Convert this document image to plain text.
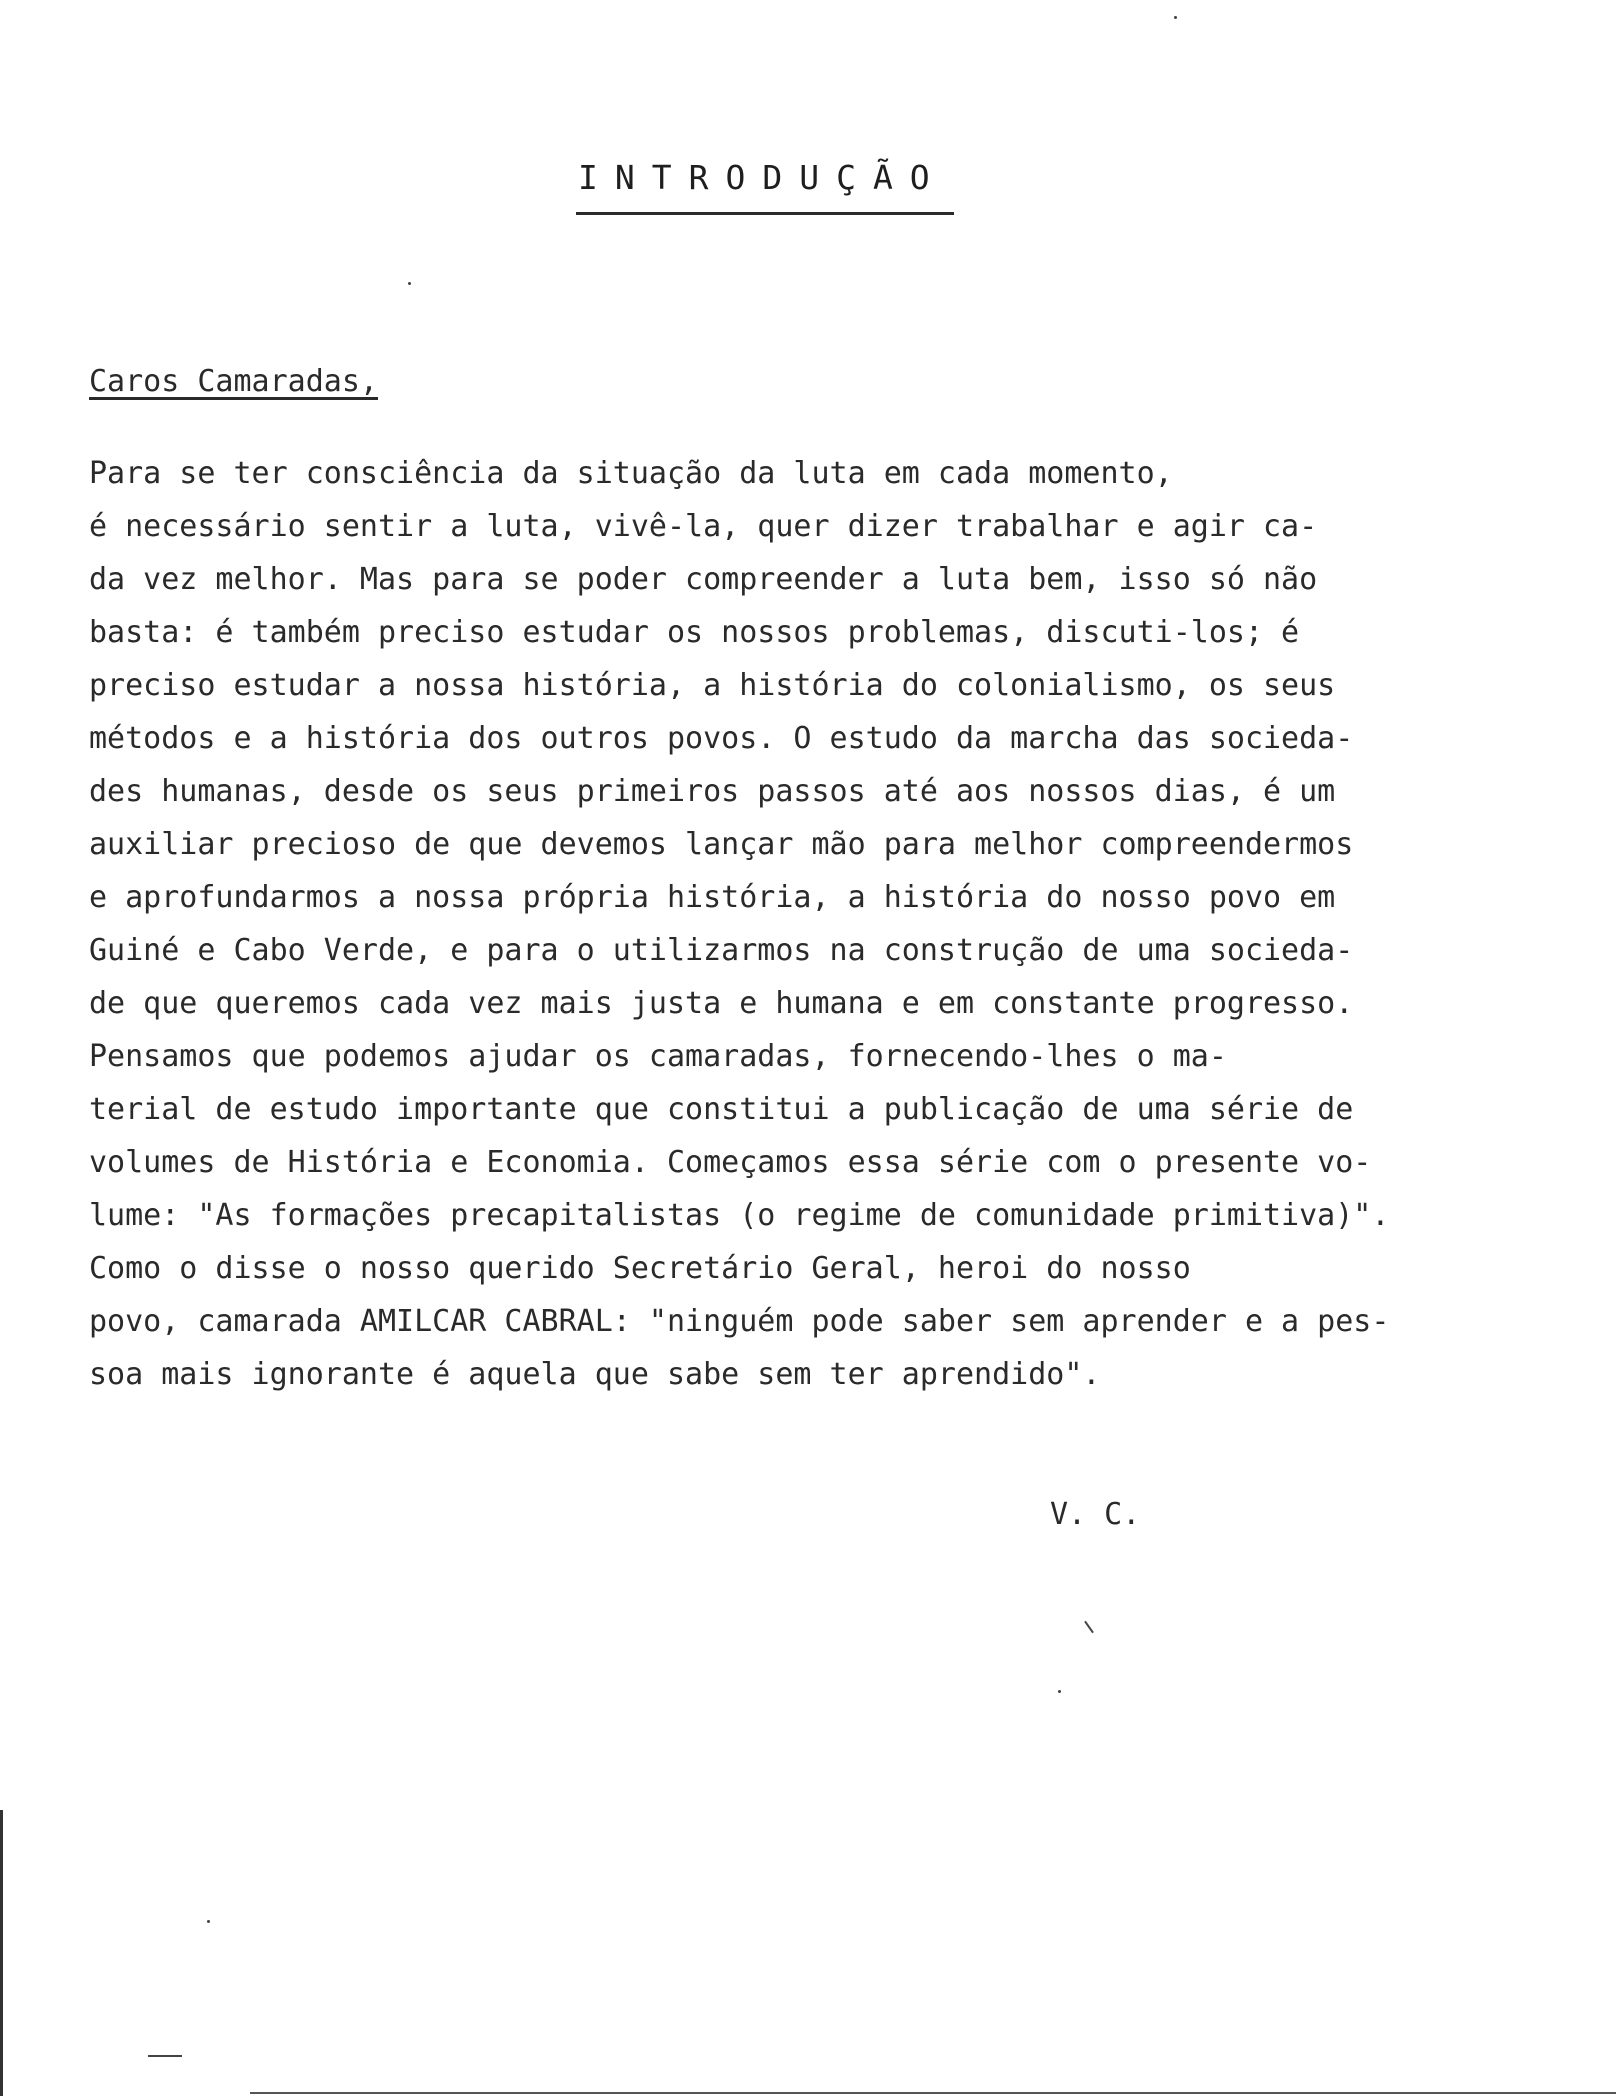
INTRODUÇÃO
Caros Camaradas,
Para se ter consciência da situação da luta em cada momento,
é necessário sentir a luta, vivê-la, quer dizer trabalhar e agir ca-
da vez melhor. Mas para se poder compreender a luta bem, isso só não
basta: é também preciso estudar os nossos problemas, discuti-los; é
preciso estudar a nossa história, a história do colonialismo, os seus
métodos e a história dos outros povos. O estudo da marcha das socieda-
des humanas, desde os seus primeiros passos até aos nossos dias, é um
auxiliar precioso de que devemos lançar mão para melhor compreendermos
e aprofundarmos a nossa própria história, a história do nosso povo em
Guiné e Cabo Verde, e para o utilizarmos na construção de uma socieda-
de que queremos cada vez mais justa e humana e em constante progresso.
Pensamos que podemos ajudar os camaradas, fornecendo-lhes o ma-
terial de estudo importante que constitui a publicação de uma série de
volumes de História e Economia. Começamos essa série com o presente vo-
lume: "As formações precapitalistas (o regime de comunidade primitiva)".
Como o disse o nosso querido Secretário Geral, heroi do nosso
povo, camarada AMILCAR CABRAL: "ninguém pode saber sem aprender e a pes-
soa mais ignorante é aquela que sabe sem ter aprendido".
V. C.
